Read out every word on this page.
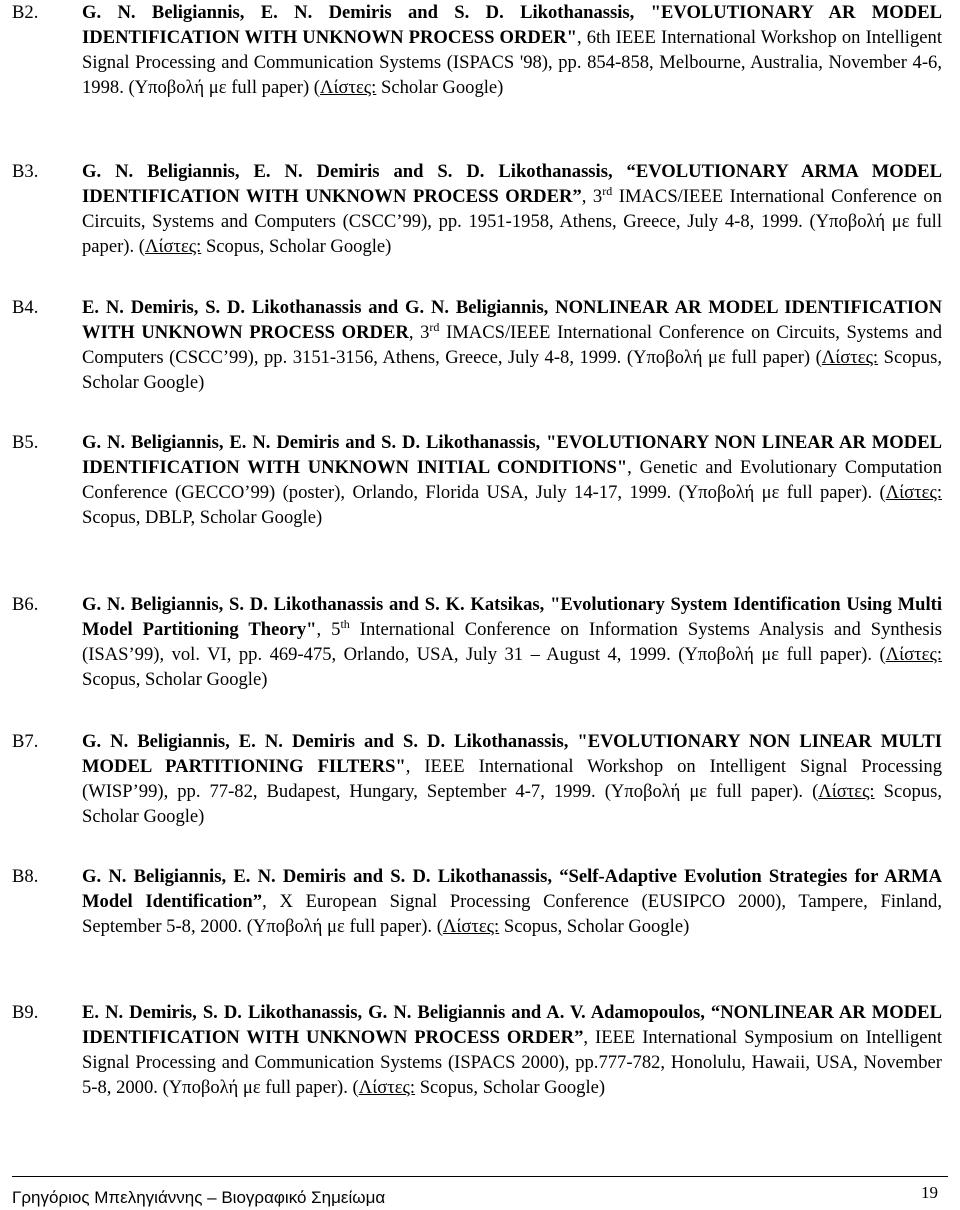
B2. G. N. Beligiannis, E. N. Demiris and S. D. Likothanassis, "EVOLUTIONARY AR MODEL IDENTIFICATION WITH UNKNOWN PROCESS ORDER", 6th IEEE International Workshop on Intelligent Signal Processing and Communication Systems (ISPACS '98), pp. 854-858, Melbourne, Australia, November 4-6, 1998. (Υποβολή με full paper) (Λίστες: Scholar Google)
B3. G. N. Beligiannis, E. N. Demiris and S. D. Likothanassis, “EVOLUTIONARY ARMA MODEL IDENTIFICATION WITH UNKNOWN PROCESS ORDER”, 3rd IMACS/IEEE International Conference on Circuits, Systems and Computers (CSCC’99), pp. 1951-1958, Athens, Greece, July 4-8, 1999. (Υποβολή με full paper). (Λίστες: Scopus, Scholar Google)
B4. E. N. Demiris, S. D. Likothanassis and G. N. Beligiannis, NONLINEAR AR MODEL IDENTIFICATION WITH UNKNOWN PROCESS ORDER, 3rd IMACS/IEEE International Conference on Circuits, Systems and Computers (CSCC’99), pp. 3151-3156, Athens, Greece, July 4-8, 1999. (Υποβολή με full paper) (Λίστες: Scopus, Scholar Google)
B5. G. N. Beligiannis, E. N. Demiris and S. D. Likothanassis, "EVOLUTIONARY NON LINEAR AR MODEL IDENTIFICATION WITH UNKNOWN INITIAL CONDITIONS", Genetic and Evolutionary Computation Conference (GECCO’99) (poster), Orlando, Florida USA, July 14-17, 1999. (Υποβολή με full paper). (Λίστες: Scopus, DBLP, Scholar Google)
B6. G. N. Beligiannis, S. D. Likothanassis and S. K. Katsikas, "Evolutionary System Identification Using Multi Model Partitioning Theory", 5th International Conference on Information Systems Analysis and Synthesis (ISAS’99), vol. VI, pp. 469-475, Orlando, USA, July 31 – August 4, 1999. (Υποβολή με full paper). (Λίστες: Scopus, Scholar Google)
B7. G. N. Beligiannis, E. N. Demiris and S. D. Likothanassis, "EVOLUTIONARY NON LINEAR MULTI MODEL PARTITIONING FILTERS", IEEE International Workshop on Intelligent Signal Processing (WISP’99), pp. 77-82, Budapest, Hungary, September 4-7, 1999. (Υποβολή με full paper). (Λίστες: Scopus, Scholar Google)
B8. G. N. Beligiannis, E. N. Demiris and S. D. Likothanassis, “Self-Adaptive Evolution Strategies for ARMA Model Identification”, X European Signal Processing Conference (EUSIPCO 2000), Tampere, Finland, September 5-8, 2000. (Υποβολή με full paper). (Λίστες: Scopus, Scholar Google)
B9. E. N. Demiris, S. D. Likothanassis, G. N. Beligiannis and A. V. Adamopoulos, “NONLINEAR AR MODEL IDENTIFICATION WITH UNKNOWN PROCESS ORDER”, IEEE International Symposium on Intelligent Signal Processing and Communication Systems (ISPACS 2000), pp.777-782, Honolulu, Hawaii, USA, November 5-8, 2000. (Υποβολή με full paper). (Λίστες: Scopus, Scholar Google)
Γρηγόριος Μπεληγιάννης – Βιογραφικό Σημείωμα	19
